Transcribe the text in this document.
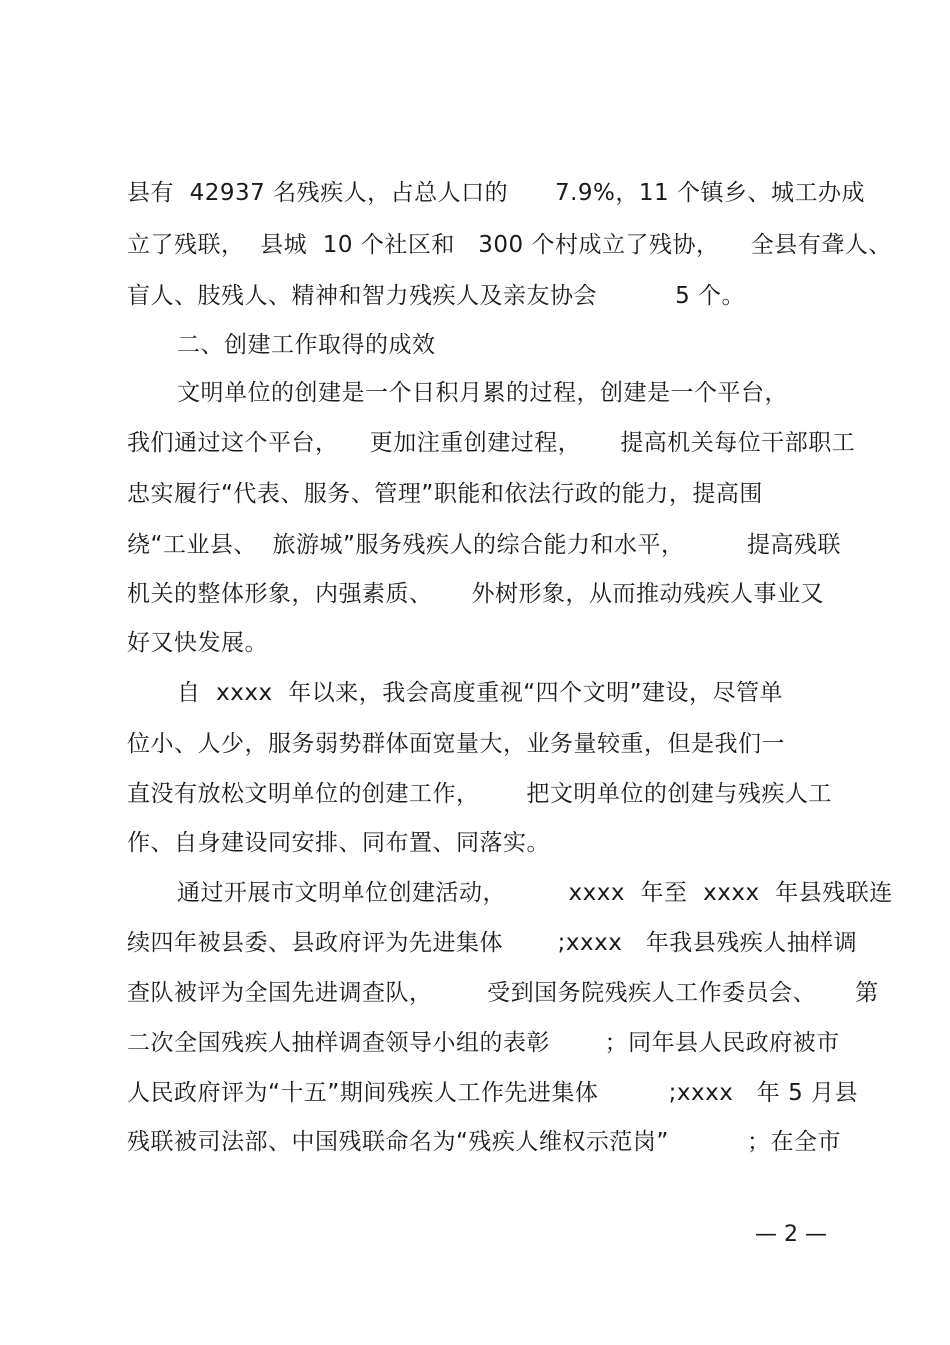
县有  42937 名残疾人，占总人口的      7.9%，11 个镇乡、城工办成
立了残联，  县城  10 个社区和   300 个村成立了残协，    全县有聋人、
盲人、肢残人、精神和智力残疾人及亲友协会          5 个。
二、创建工作取得的成效
文明单位的创建是一个日积月累的过程，创建是一个平台，
我们通过这个平台，    更加注重创建过程，     提高机关每位干部职工
忠实履行“代表、服务、管理”职能和依法行政的能力，提高围
绕“工业县、  旅游城”服务残疾人的综合能力和水平，        提高残联
机关的整体形象，内强素质、     外树形象，从而推动残疾人事业又
好又快发展。
自  xxxx  年以来，我会高度重视“四个文明”建设，尽管单
位小、人少，服务弱势群体面宽量大，业务量较重，但是我们一
直没有放松文明单位的创建工作，      把文明单位的创建与残疾人工
作、自身建设同安排、同布置、同落实。
通过开展市文明单位创建活动，        xxxx  年至  xxxx  年县残联连
续四年被县委、县政府评为先进集体       ;xxxx   年我县残疾人抽样调
查队被评为全国先进调查队，       受到国务院残疾人工作委员会、     第
二次全国残疾人抽样调查领导小组的表彰       ；同年县人民政府被市
人民政府评为“十五”期间残疾人工作先进集体         ;xxxx   年 5 月县
残联被司法部、中国残联命名为“残疾人维权示范岗”          ；在全市
— 2 —
